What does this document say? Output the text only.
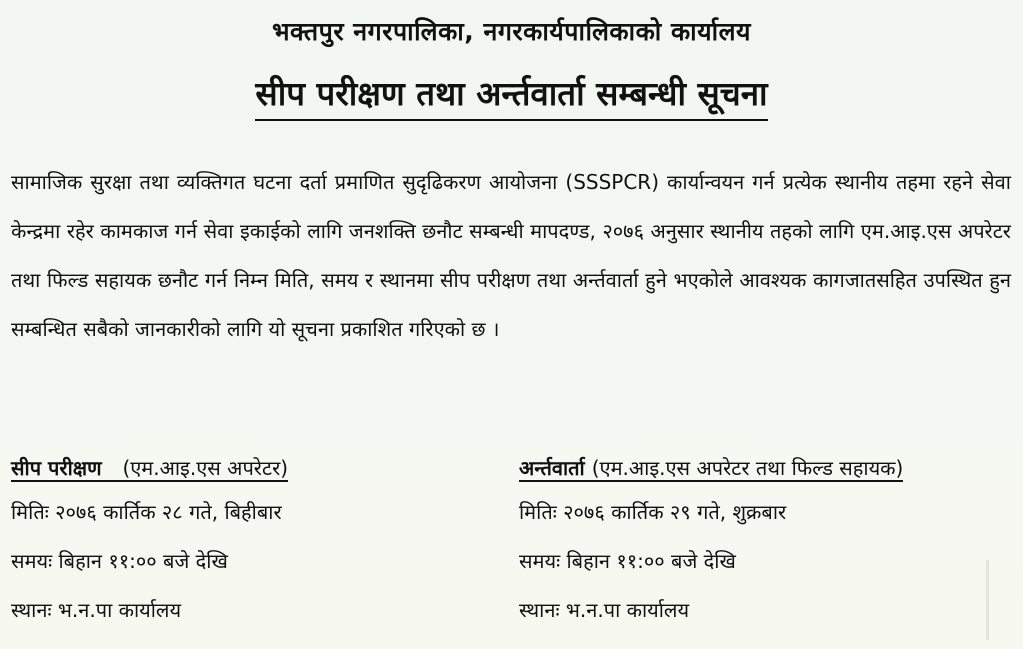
भक्तपुर नगरपालिका, नगरकार्यपालिकाको कार्यालय
सीप परीक्षण तथा अर्न्तवार्ता सम्बन्धी सूचना
सामाजिक सुरक्षा तथा व्यक्तिगत घटना दर्ता प्रमाणित सुदृढिकरण आयोजना (SSSPCR) कार्यान्वयन गर्न प्रत्येक स्थानीय तहमा रहने सेवा केन्द्रमा रहेर कामकाज गर्न सेवा इकाईको लागि जनशक्ति छनौट सम्बन्धी मापदण्ड, २०७६ अनुसार स्थानीय तहको लागि एम.आइ.एस अपरेटर तथा फिल्ड सहायक छनौट गर्न निम्न मिति, समय र स्थानमा सीप परीक्षण तथा अर्न्तवार्ता हुने भएकोले आवश्यक कागजातसहित उपस्थित हुन सम्बन्धित सबैको जानकारीको लागि यो सूचना प्रकाशित गरिएको छ ।
सीप परीक्षण (एम.आइ.एस अपरेटर)
मितिः २०७६ कार्तिक २८ गते, बिहीबार
समयः बिहान ११:०० बजे देखि
स्थानः भ.न.पा कार्यालय
अर्न्तवार्ता (एम.आइ.एस अपरेटर तथा फिल्ड सहायक)
मितिः २०७६ कार्तिक २९ गते, शुक्रबार
समयः बिहान ११:०० बजे देखि
स्थानः भ.न.पा कार्यालय
